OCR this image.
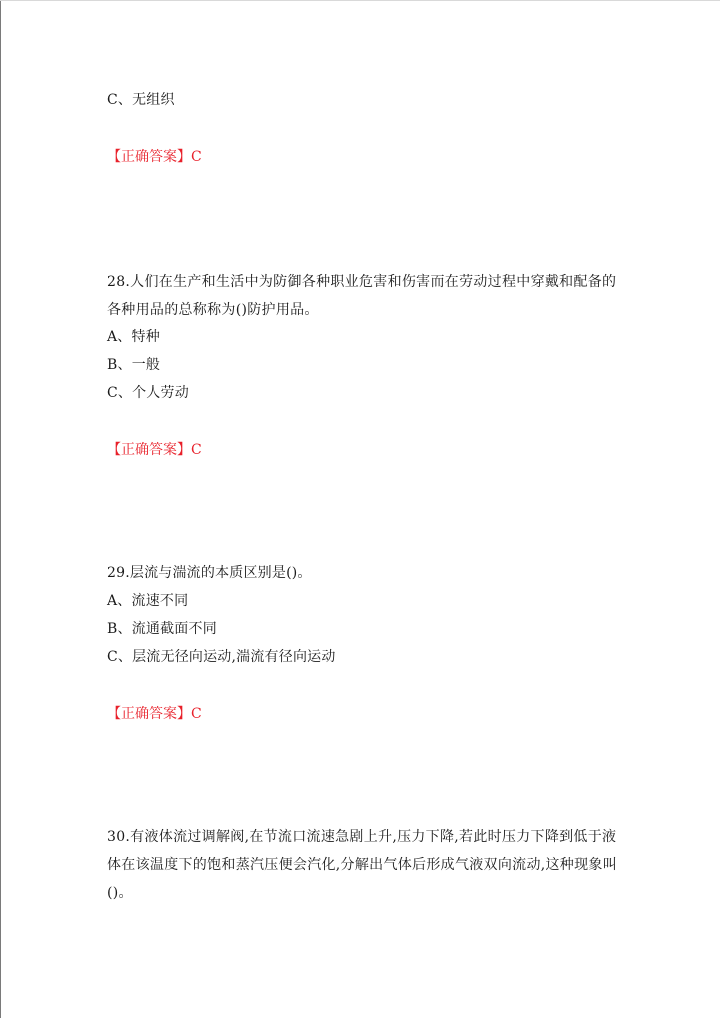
C、无组织
【正确答案】C
28.人们在生产和生活中为防御各种职业危害和伤害而在劳动过程中穿戴和配备的各种用品的总称称为()防护用品。
A、特种
B、一般
C、个人劳动
【正确答案】C
29.层流与湍流的本质区别是()。
A、流速不同
B、流通截面不同
C、层流无径向运动,湍流有径向运动
【正确答案】C
30.有液体流过调解阀,在节流口流速急剧上升,压力下降,若此时压力下降到低于液体在该温度下的饱和蒸汽压便会汽化,分解出气体后形成气液双向流动,这种现象叫()。
